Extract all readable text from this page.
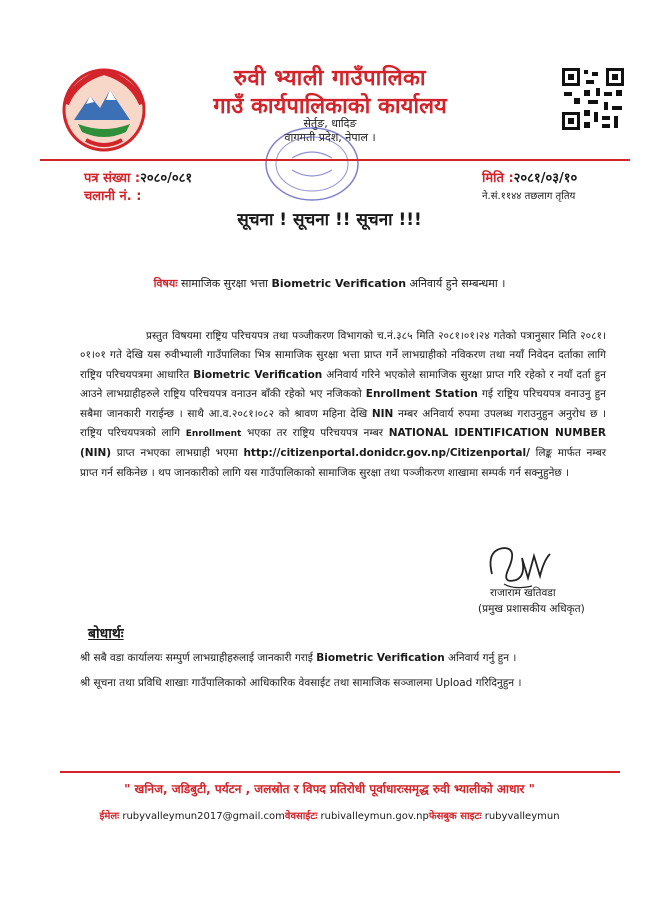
रुवी भ्याली गाउँपालिका
गाउँ कार्यपालिकाको कार्यालय
सेर्तुङ, धादिङ
वागमती प्रदेश, नेपाल ।
पत्र संख्या :२०८०/०८१
चलानी नं. :
मिति :२०८१/०३/१०
ने.सं.११४४ तछलाग तृतिय
सूचना ! सूचना !! सूचना !!!
विषयः सामाजिक सुरक्षा भत्ता Biometric Verification अनिवार्य हुने सम्बन्धमा ।

प्रस्तुत विषयमा राष्ट्रिय परिचयपत्र तथा पञ्जीकरण विभागको च.नं.३८५ मिति २०८१।०१।२४ गतेको पत्रानुसार मिति २०८१।०१।०१ गते देखि यस रुवीभ्याली गाउँपालिका भित्र सामाजिक सुरक्षा भत्ता प्राप्त गर्ने लाभग्राहीको नविकरण तथा नयाँ निवेदन दर्ताका लागि राष्ट्रिय परिचयपत्रमा आधारित Biometric Verification अनिवार्य गरिने भएकोले सामाजिक सुरक्षा प्राप्त गरि रहेको र नयाँ दर्ता हुन आउने लाभग्राहीहरुले राष्ट्रिय परिचयपत्र वनाउन बाँकी रहेको भए नजिकको Enrollment Station गई राष्ट्रिय परिचयपत्र वनाउनु हुन सबैमा जानकारी गराईन्छ । साथै आ.व.२०८१।०८२ को श्रावण महिना देखि NIN नम्बर अनिवार्य रुपमा उपलब्ध गराउनुहुन अनुरोध छ । राष्ट्रिय परिचयपत्रको लागि Enrollment भएका तर राष्ट्रिय परिचयपत्र नम्बर NATIONAL IDENTIFICATION NUMBER (NIN) प्राप्त नभएका लाभग्राही भएमा http://citizenportal.donidcr.gov.np/Citizenportal/ लिङ्क मार्फत नम्बर प्राप्त गर्न सकिनेछ । थप जानकारीको लागि यस गाउँपालिकाको सामाजिक सुरक्षा तथा पञ्जीकरण शाखामा सम्पर्क गर्न सक्नुहुनेछ ।

राजाराम खतिवडा
(प्रमुख प्रशासकीय अधिकृत)
बोधार्थः
श्री सबै वडा कार्यालयः सम्पुर्ण लाभग्राहीहरुलाई जानकारी गराई Biometric Verification अनिवार्य गर्नु हुन ।
श्री सूचना तथा प्रविधि शाखाः गाउँपालिकाको आधिकारिक वेवसाईट तथा सामाजिक सञ्जालमा Upload गरिदिनुहुन ।
" खनिज, जडिबुटी, पर्यटन , जलस्रोत र विपद प्रतिरोधी पूर्वाधारःसमृद्ध रुवी भ्यालीको आधार "
ईमेलः rubyvalleymun2017@gmail.comवेवसाईटः rubivalleymun.gov.npफेसबुक साइटः rubyvalleymun
